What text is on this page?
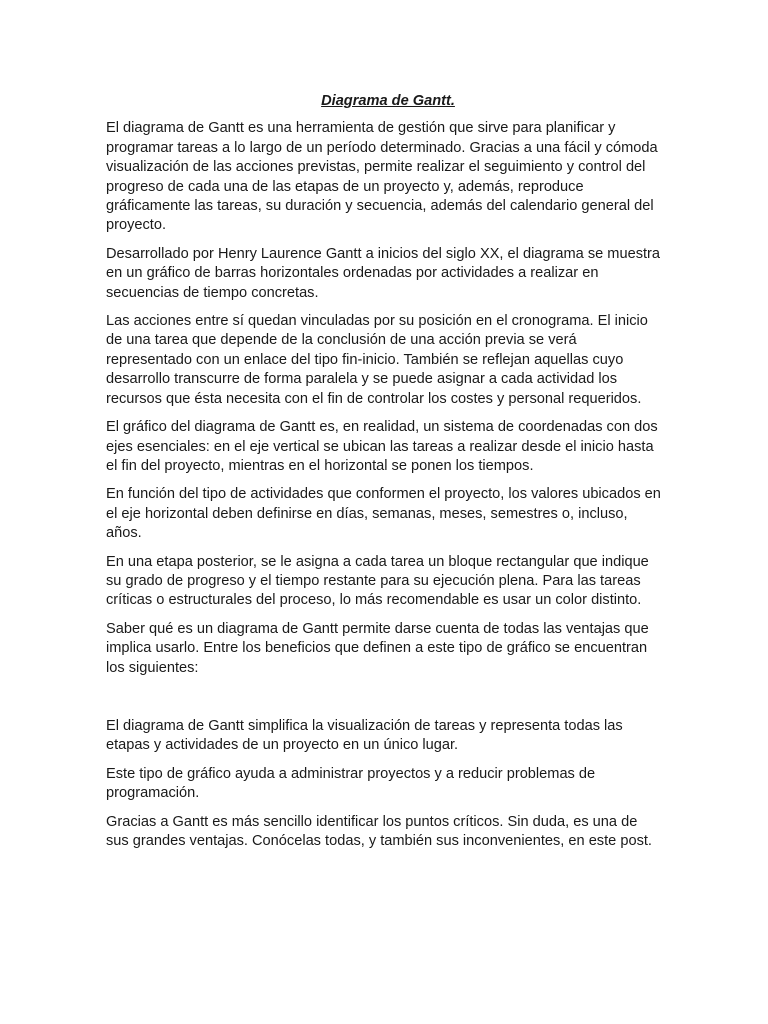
Diagrama de Gantt.

El diagrama de Gantt es una herramienta de gestión que sirve para planificar y programar tareas a lo largo de un período determinado. Gracias a una fácil y cómoda visualización de las acciones previstas, permite realizar el seguimiento y control del progreso de cada una de las etapas de un proyecto y, además, reproduce gráficamente las tareas, su duración y secuencia, además del calendario general del proyecto.

Desarrollado por Henry Laurence Gantt a inicios del siglo XX, el diagrama se muestra en un gráfico de barras horizontales ordenadas por actividades a realizar en secuencias de tiempo concretas.

Las acciones entre sí quedan vinculadas por su posición en el cronograma. El inicio de una tarea que depende de la conclusión de una acción previa se verá representado con un enlace del tipo fin-inicio. También se reflejan aquellas cuyo desarrollo transcurre de forma paralela y se puede asignar a cada actividad los recursos que ésta necesita con el fin de controlar los costes y personal requeridos.

El gráfico del diagrama de Gantt es, en realidad, un sistema de coordenadas con dos ejes esenciales: en el eje vertical se ubican las tareas a realizar desde el inicio hasta el fin del proyecto, mientras en el horizontal se ponen los tiempos.

En función del tipo de actividades que conformen el proyecto, los valores ubicados en el eje horizontal deben definirse en días, semanas, meses, semestres o, incluso, años.

En una etapa posterior, se le asigna a cada tarea un bloque rectangular que indique su grado de progreso y el tiempo restante para su ejecución plena. Para las tareas críticas o estructurales del proceso, lo más recomendable es usar un color distinto.

Saber qué es un diagrama de Gantt permite darse cuenta de todas las ventajas que implica usarlo. Entre los beneficios que definen a este tipo de gráfico se encuentran los siguientes:

El diagrama de Gantt simplifica la visualización de tareas y representa todas las etapas y actividades de un proyecto en un único lugar.

Este tipo de gráfico ayuda a administrar proyectos y a reducir problemas de programación.

Gracias a Gantt es más sencillo identificar los puntos críticos. Sin duda, es una de sus grandes ventajas. Conócelas todas, y también sus inconvenientes, en este post.
